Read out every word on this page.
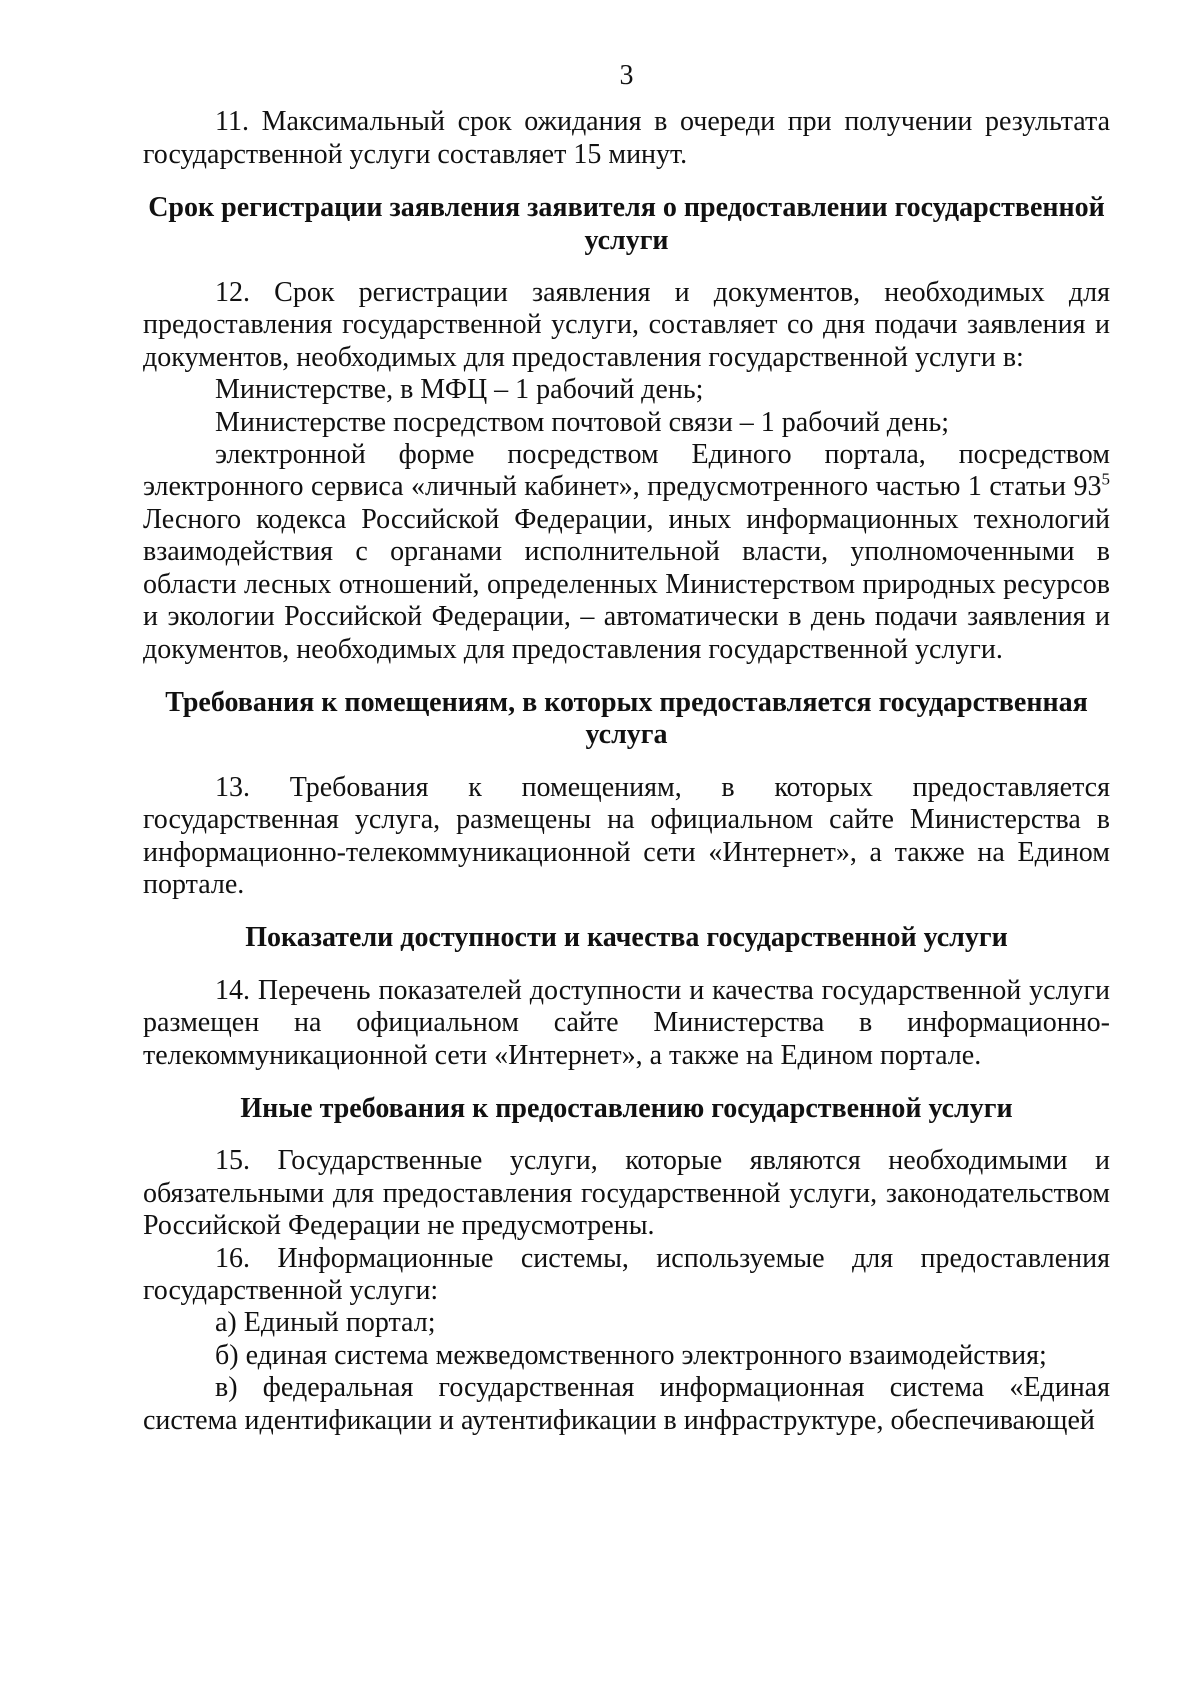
3

11. Максимальный срок ожидания в очереди при получении результата государственной услуги составляет 15 минут.

Срок регистрации заявления заявителя о предоставлении государственной услуги

12. Срок регистрации заявления и документов, необходимых для предоставления государственной услуги, составляет со дня подачи заявления и документов, необходимых для предоставления государственной услуги в:

Министерстве, в МФЦ – 1 рабочий день;

Министерстве посредством почтовой связи – 1 рабочий день;

электронной форме посредством Единого портала, посредством электронного сервиса «личный кабинет», предусмотренного частью 1 статьи $93^5$ Лесного кодекса Российской Федерации, иных информационных технологий взаимодействия с органами исполнительной власти, уполномоченными в области лесных отношений, определенных Министерством природных ресурсов и экологии Российской Федерации, – автоматически в день подачи заявления и документов, необходимых для предоставления государственной услуги.

Требования к помещениям, в которых предоставляется государственная услуга

13. Требования к помещениям, в которых предоставляется государственная услуга, размещены на официальном сайте Министерства в информационно-телекоммуникационной сети «Интернет», а также на Едином портале.

Показатели доступности и качества государственной услуги

14. Перечень показателей доступности и качества государственной услуги размещен на официальном сайте Министерства в информационно-телекоммуникационной сети «Интернет», а также на Едином портале.

Иные требования к предоставлению государственной услуги

15. Государственные услуги, которые являются необходимыми и обязательными для предоставления государственной услуги, законодательством Российской Федерации не предусмотрены.

16. Информационные системы, используемые для предоставления государственной услуги:

а) Единый портал;

б) единая система межведомственного электронного взаимодействия;

в) федеральная государственная информационная система «Единая система идентификации и аутентификации в инфраструктуре, обеспечивающей
